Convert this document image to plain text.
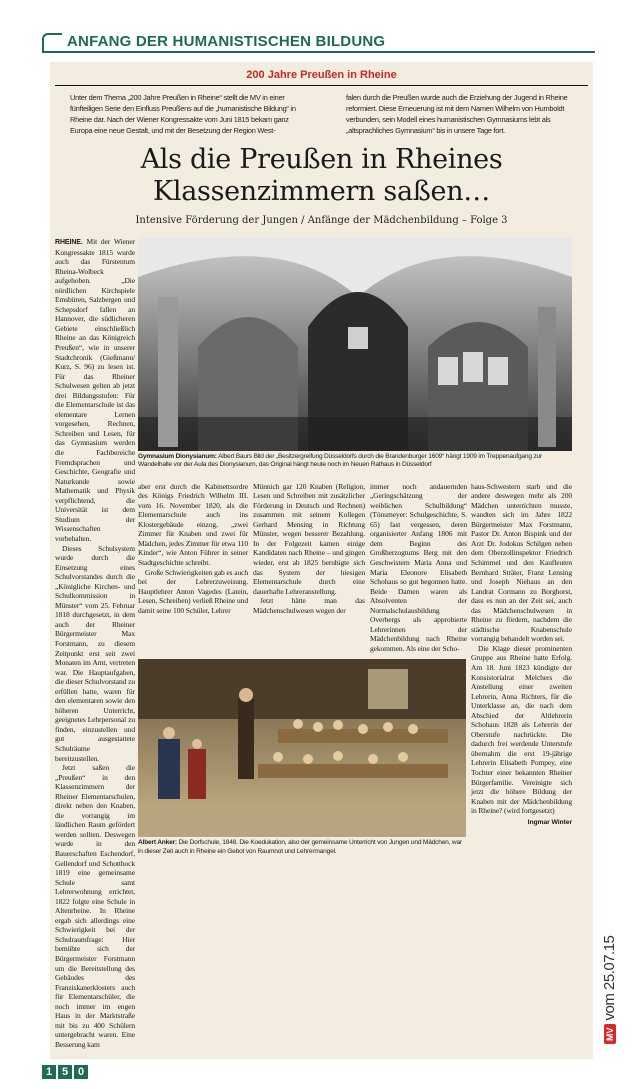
ANFANG DER HUMANISTISCHEN BILDUNG
200 Jahre Preußen in Rheine
Unter dem Thema „200 Jahre Preußen in Rheine“ stellt die MV in einer fünfteiligen Serie den Einfluss Preußens auf die „humanistische Bildung“ in Rheine dar. Nach der Wiener Kongressakte vom Juni 1815 bekam ganz Europa eine neue Gestalt, und mit der Besetzung der Region West-
falen durch die Preußen wurde auch die Erziehung der Jugend in Rheine reformiert. Diese Erneuerung ist mit dem Namen Wilhelm von Humboldt verbunden, sein Modell eines humanistischen Gymnasiums lebt als „altsprachliches Gymnasium“ bis in unsere Tage fort.
Als die Preußen in Rheines
Klassenzimmern saßen…
Intensive Förderung der Jungen / Anfänge der Mädchenbildung – Folge 3

RHEINE. Mit der Wiener Kongressakte 1815 wurde auch das Fürstentum Rheina-Wolbeck aufgehoben. „Die nördlichen Kirchspiele Emsbüren, Salzbergen und Schepsdorf fallen an Hannover, die südlicheren Gebiete einschließlich Rheine an das Königreich Preußen“, wie in unserer Stadtchronik (Gießmann/ Kurz, S. 96) zu lesen ist. Für das Rheiner Schulwesen gelten ab jetzt drei Bildungsstufen: Für die Elementarschule ist das elementare Lernen vorgesehen, Rechnen, Schreiben und Lesen, für das Gymnasium werden die Fachbereiche Fremdsprachen und Geschichte, Geografie und Naturkunde sowie Mathematik und Physik verpflichtend, die Universität ist dem Studium der Wissenschaften vorbehalten.

Dieses Schulsystem wurde durch die Einsetzung eines Schulvorstandes durch die „Königliche Kirchen- und Schulkommission in Münster“ vom 25. Februar 1818 durchgesetzt, in dem auch der Rheiner Bürgermeister Max Forstmann, zu diesem Zeitpunkt erst seit zwei Monaten im Amt, vertreten war. Die Hauptaufgaben, die dieser Schulvorstand zu erfüllen hatte, waren für den elementaren sowie den höheren Unterricht, geeignetes Lehrpersonal zu finden, einzustellen und gut ausgestattete Schulräume bereitzustellen.

Jetzt saßen die „Preußen“ in den Klassenzimmern der Rheiner Elementarschulen, direkt neben den Knaben, die vorrangig im ländlichen Raum gefördert werden sollten. Deswegen wurde in den Bauerschaften Eschendorf, Gellendorf und Schotthock 1819 eine gemeinsame Schule samt Lehrerwohnung errichtet, 1822 folgte eine Schule in Altenrheine. In Rheine ergab sich allerdings eine Schwierigkeit bei der Schulraumfrage: Hier bemühte sich der Bürgermeister Forstmann um die Bereitstellung des Gebäudes des Franziskanerklosters auch für Elementarschüler, die noch immer im engen Haus in der Marktstraße mit bis zu 400 Schülern untergebracht waren. Eine Besserung kam

Gymnasium Dionysianum: Albert Baurs Bild der „Besitzergreifung Düsseldorfs durch die Brandenburger 1609“ hängt 1909 im Treppenaufgang zur Wandelhalle vor der Aula des Dionysianum, das Original hängt heute noch im Neuen Rathaus in Düsseldorf

aber erst durch die Kabinettsordre des Königs Friedrich Wilhelm III. vom 16. November 1820, als die Elementarschule auch ins Klostergebäude einzog, „zwei Zimmer für Knaben und zwei für Mädchen, jedes Zimmer für etwa 110 Kinder“, wie Anton Führer in seiner Stadtgeschichte schreibt.

Große Schwierigkeiten gab es auch bei der Lehrerzuweisung. Hauptlehrer Anton Vagedes (Latein, Lesen, Schreiben) verließ Rheine und damit seine 100 Schüler, Lehrer

Münnich gar 120 Knaben (Religion, Lesen und Schreiben mit zusätzlicher Förderung in Deutsch und Rechnen) zusammen mit seinem Kollegen Gerhard Mensing in Richtung Münster, wegen besserer Bezahlung. In der Folgezeit kamen einige Kandidaten nach Rheine – und gingen wieder, erst ab 1825 beruhigte sich das System der hiesigen Elementarschule durch eine dauerhafte Lehreranstellung.

Jetzt hätte man das Mädchenschulwesen wegen der

immer noch andauernden „Geringschätzung der weiblichen Schulbildung“ (Tönsmeyer: Schulgeschichte, S. 65) fast vergessen, deren organisierter Anfang 1806 mit dem Beginn des Großherzogtums Berg mit den Geschwistern Maria Anna und Maria Eleonore Elisabeth Schohaus so gut begonnen hatte. Beide Damen waren als Absolventen der Normalschulausbildung Overbergs als approbierte Lehrerinnen der Mädchenbildung nach Rheine gekommen. Als eine der Scho-

Albert Anker: Die Dorfschule, 1848. Die Koedukation, also der gemeinsame Unterricht von Jungen und Mädchen, war in dieser Zeit auch in Rheine ein Gebot von Raumnot und Lehrermangel.

haus-Schwestern starb und die andere deswegen mehr als 200 Mädchen unterrichten musste, wandten sich im Jahre 1822 Bürgermeister Max Forstmann, Pastor Dr. Anton Bispink und der Arzt Dr. Jodokus Schilgen neben dem Oberzollinspektor Friedrich Schimmel und den Kaufleuten Bernhard Sträter, Franz Lensing und Joseph Niehaus an den Landrat Cormann zu Borghorst, dass es nun an der Zeit sei, auch das Mädchenschulwesen in Rheine zu fördern, nachdem die städtische Knabenschule vorrangig behandelt worden sei.

Die Klage dieser prominenten Gruppe aus Rheine hatte Erfolg. Am 18. Juni 1823 kündigte der Konsistorialrat Melchers die Anstellung einer zweiten Lehrerin, Anna Richters, für die Unterklasse an, die nach dem Abschied der Altlehrerin Schohaus 1828 als Lehrerin der Oberstufe nachrückte. Die dadurch frei werdende Unterstufe übernahm die erst 19-jährige Lehrerin Elisabeth Pompey, eine Tochter einer bekannten Rheiner Bürgerfamilie. Vereinigte sich jetzt die höhere Bildung der Knaben mit der Mädchenbildung in Rheine? (wird fortgesetzt)

Ingmar Winter
MV
vom 25.07.15
1 5 0
